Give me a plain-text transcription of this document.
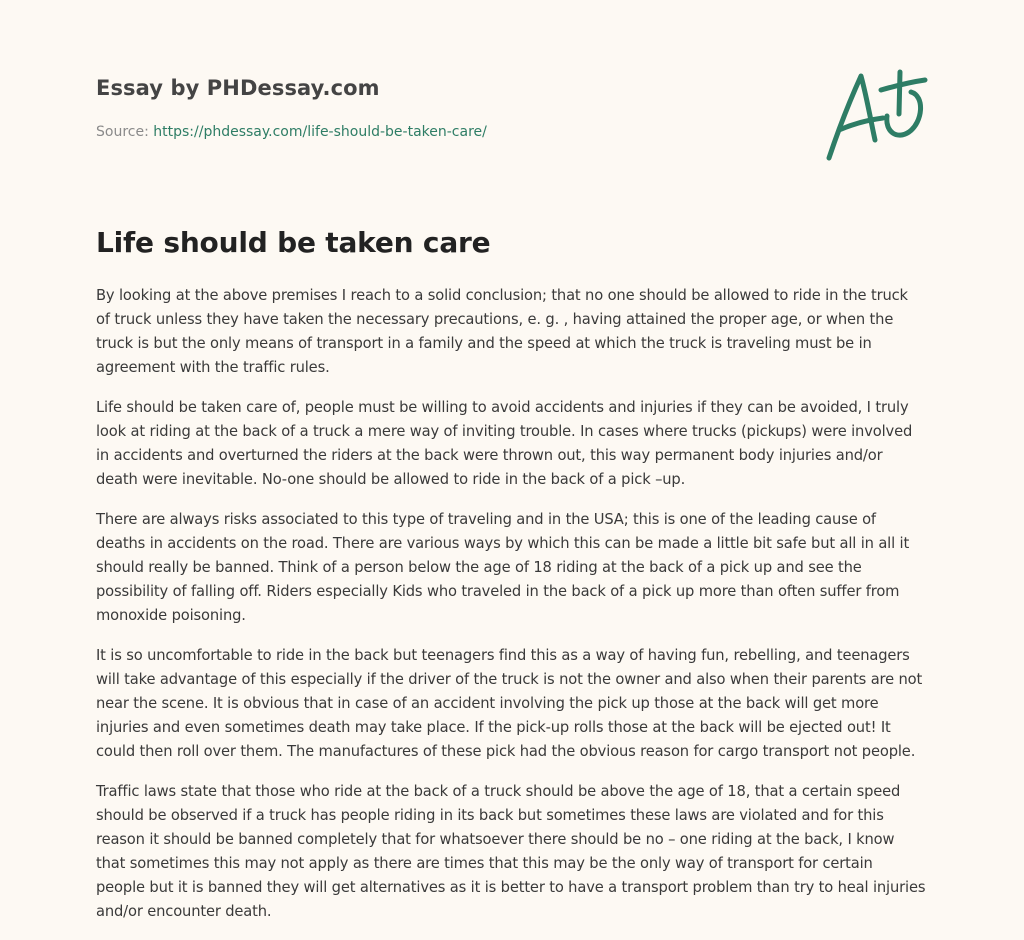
Essay by PHDessay.com
Source: https://phdessay.com/life-should-be-taken-care/
Life should be taken care

By looking at the above premises I reach to a solid conclusion; that no one should be allowed to ride in the truck of truck unless they have taken the necessary precautions, e. g. , having attained the proper age, or when the truck is but the only means of transport in a family and the speed at which the truck is traveling must be in agreement with the traffic rules.

Life should be taken care of, people must be willing to avoid accidents and injuries if they can be avoided, I truly look at riding at the back of a truck a mere way of inviting trouble. In cases where trucks (pickups) were involved in accidents and overturned the riders at the back were thrown out, this way permanent body injuries and/or death were inevitable. No-one should be allowed to ride in the back of a pick –up.

There are always risks associated to this type of traveling and in the USA; this is one of the leading cause of deaths in accidents on the road. There are various ways by which this can be made a little bit safe but all in all it should really be banned. Think of a person below the age of 18 riding at the back of a pick up and see the possibility of falling off. Riders especially Kids who traveled in the back of a pick up more than often suffer from monoxide poisoning.

It is so uncomfortable to ride in the back but teenagers find this as a way of having fun, rebelling, and teenagers will take advantage of this especially if the driver of the truck is not the owner and also when their parents are not near the scene. It is obvious that in case of an accident involving the pick up those at the back will get more injuries and even sometimes death may take place. If the pick-up rolls those at the back will be ejected out! It could then roll over them. The manufactures of these pick had the obvious reason for cargo transport not people.

Traffic laws state that those who ride at the back of a truck should be above the age of 18, that a certain speed should be observed if a truck has people riding in its back but sometimes these laws are violated and for this reason it should be banned completely that for whatsoever there should be no – one riding at the back, I know that sometimes this may not apply as there are times that this may be the only way of transport for certain people but it is banned they will get alternatives as it is better to have a transport problem than try to heal injuries and/or encounter death.
